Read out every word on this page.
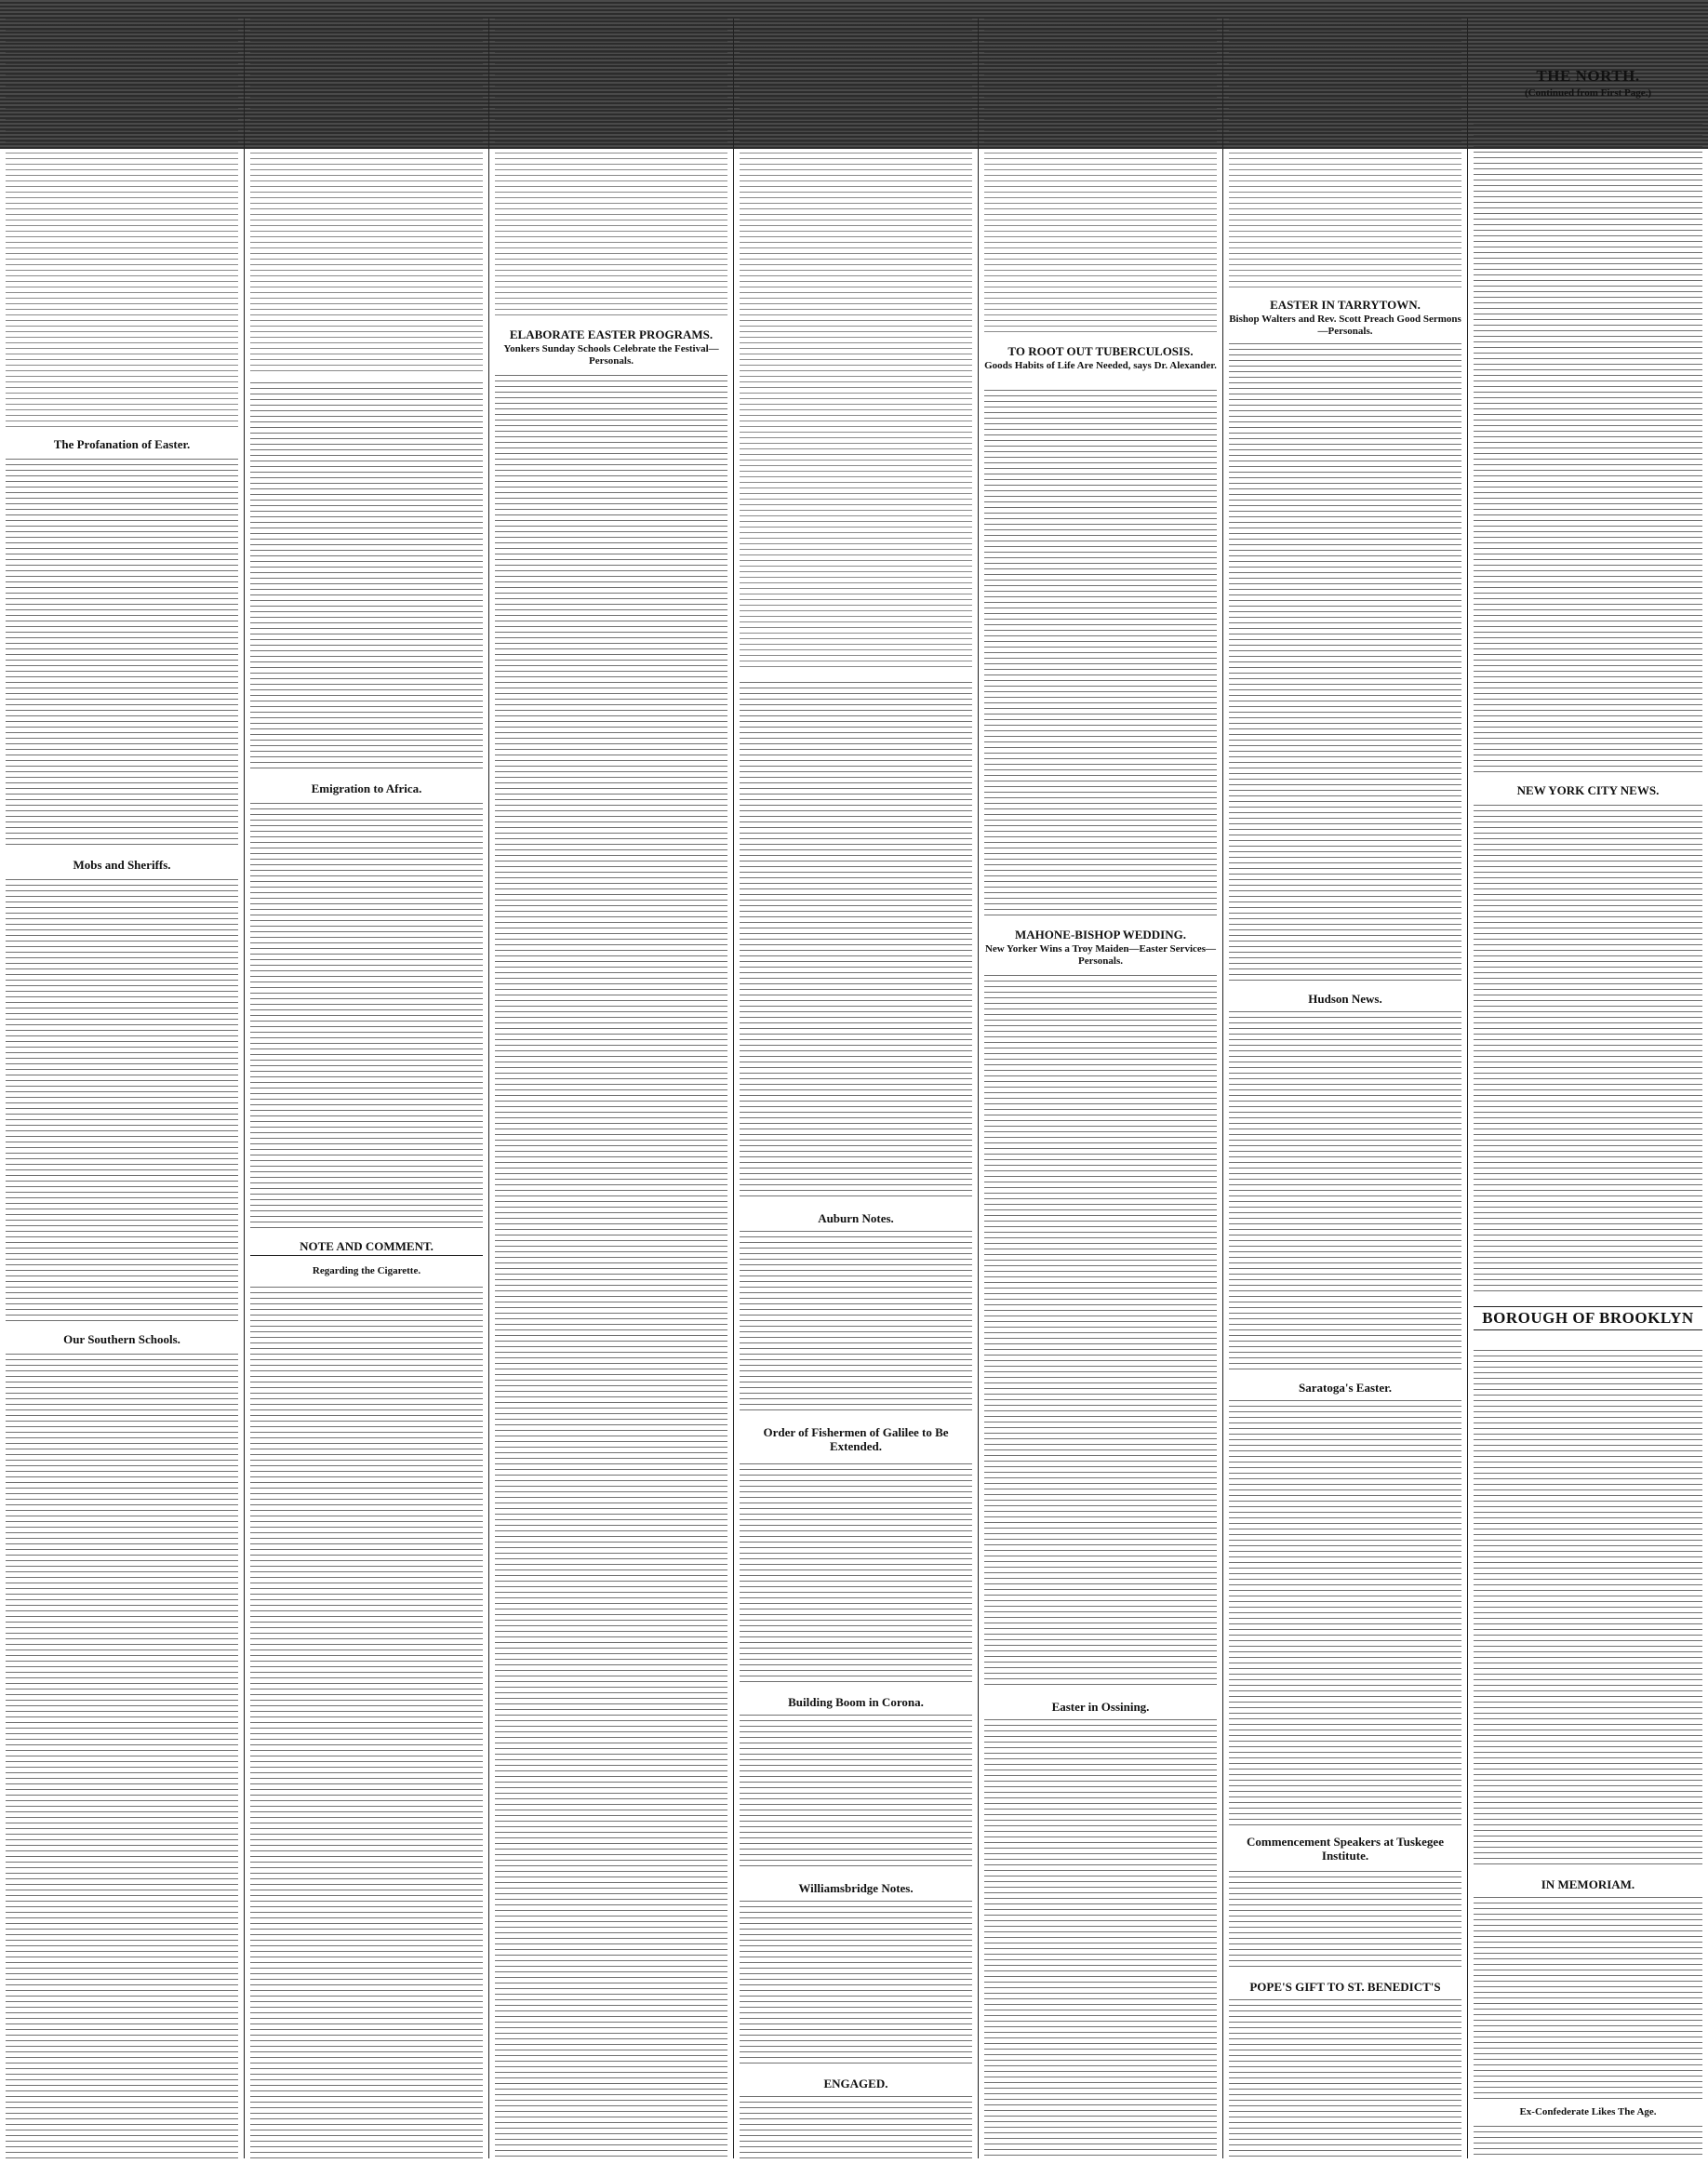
The Profanation of Easter.
Mobs and Sheriffs.
Our Southern Schools.
Emigration to Africa.
NOTE AND COMMENT.
Regarding the Cigarette.
ELABORATE EASTER PROGRAMS.
Yonkers Sunday Schools Celebrate the Festival—Personals.
Auburn Notes.
Order of Fishermen of Galilee to Be Extended.
Building Boom in Corona.
Williamsbridge Notes.
ENGAGED.
TO ROOT OUT TUBERCULOSIS.
Goods Habits of Life Are Needed, says Dr. Alexander.
MAHONE-BISHOP WEDDING.
New Yorker Wins a Troy Maiden—Easter Services—Personals.
Easter in Ossining.
EASTER IN TARRYTOWN.
Bishop Walters and Rev. Scott Preach Good Sermons—Personals.
Hudson News.
Saratoga's Easter.
Commencement Speakers at Tuskegee Institute.
POPE'S GIFT TO ST. BENEDICT'S
THE NORTH.
(Continued from First Page.)
NEW YORK CITY NEWS.
BOROUGH OF BROOKLYN
IN MEMORIAM.
Ex-Confederate Likes The Age.
